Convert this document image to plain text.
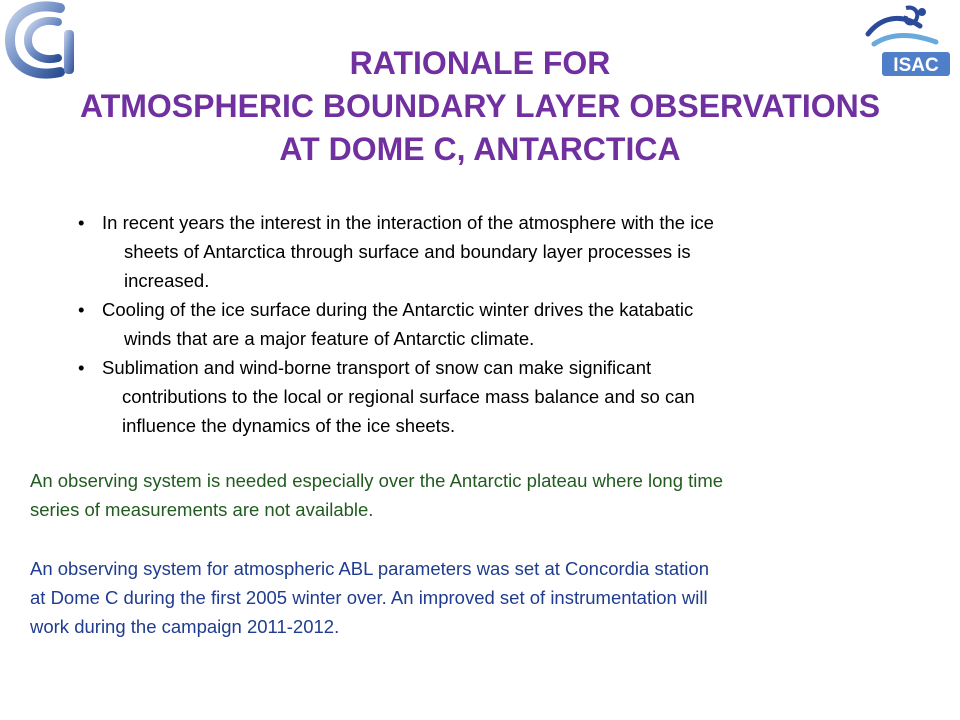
ISAC
RATIONALE FOR
ATMOSPHERIC BOUNDARY LAYER OBSERVATIONS
AT DOME C, ANTARCTICA
• In recent years the interest in the interaction of the atmosphere with the ice
sheets of Antarctica through surface and boundary layer processes is
increased.
• Cooling of the ice surface during the Antarctic winter drives the katabatic
winds that are a major feature of Antarctic climate.
• Sublimation and wind-borne transport of snow can make significant
contributions to the local or regional surface mass balance and so can
influence the dynamics of the ice sheets.
An observing system is needed especially over the Antarctic plateau where long time
series of measurements are not available.
An observing system for atmospheric ABL parameters was set at Concordia station
at Dome C during the first 2005 winter over. An improved set of instrumentation will
work during the campaign 2011-2012.
